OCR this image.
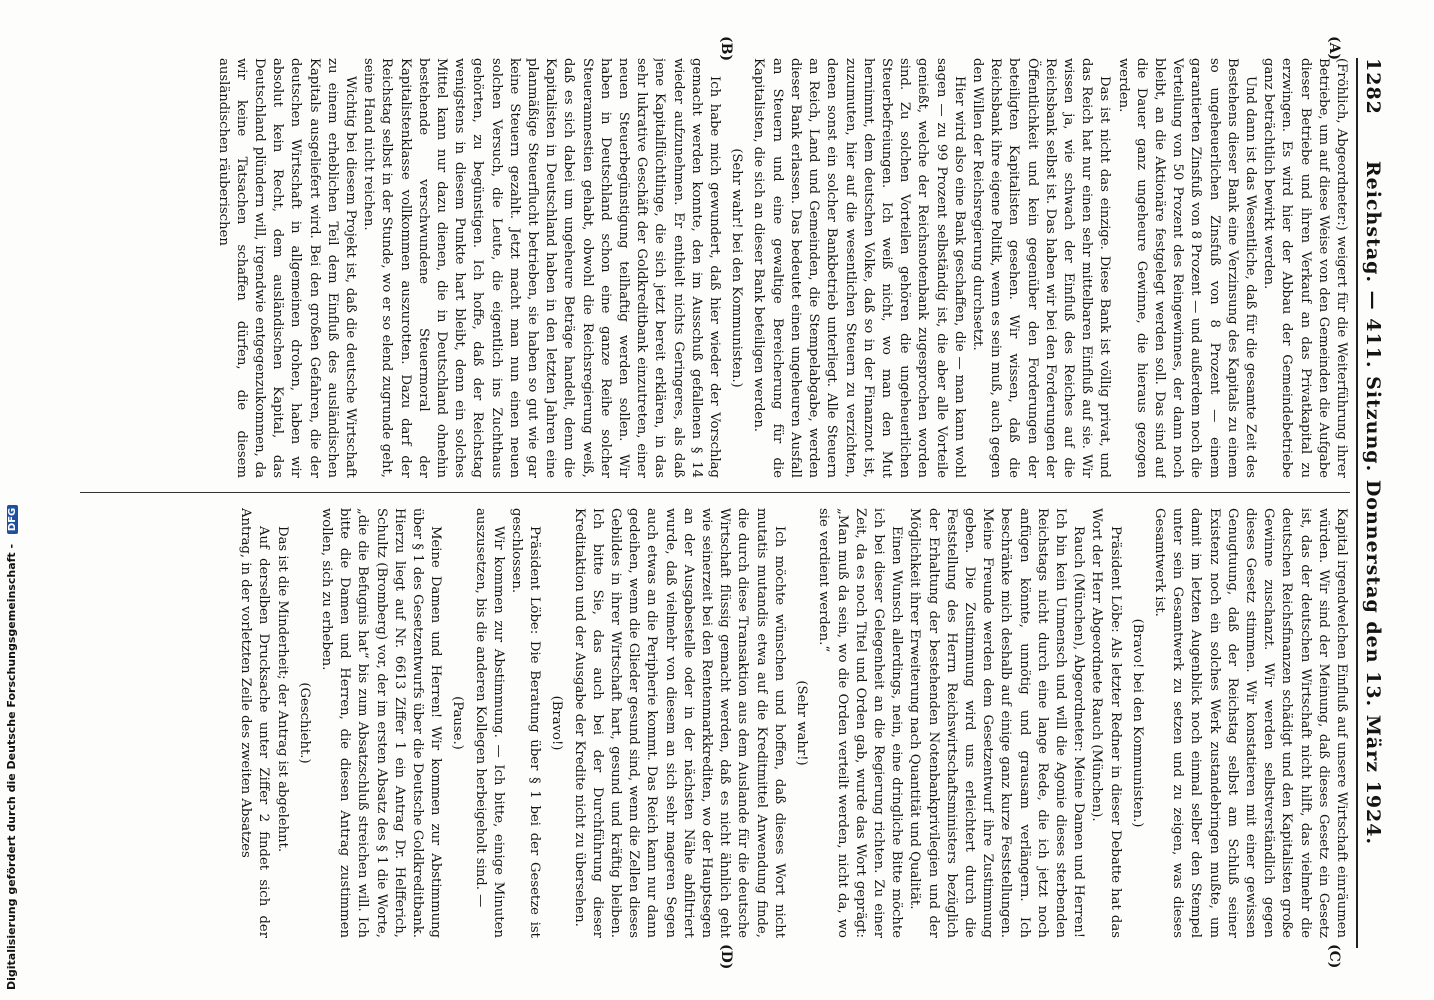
1282
Reichstag. — 411. Sitzung. Donnerstag den 13. März 1924.
(A)
(B)
(C)
(D)

(Fröhlich, Abgeordneter:) weigert für die Weiterführung ihrer Betriebe, um auf diese Weise von den Gemeinden die Aufgabe dieser Betriebe und ihren Verkauf an das Privatkapital zu erzwingen. Es wird hier der Abbau der Gemeindebetriebe ganz beträchtlich bewirkt werden.

Und dann ist das Wesentliche, daß für die gesamte Zeit des Bestehens dieser Bank eine Verzinsung des Kapitals zu einem so ungeheuerlichen Zinsfuß von 8 Prozent — einem garantierten Zinsfuß von 8 Prozent — und außerdem noch die Verteilung von 50 Prozent des Reingewinnes, der dann noch bleibt, an die Aktionäre festgelegt werden soll. Das sind auf die Dauer ganz ungeheure Gewinne, die hieraus gezogen werden.

Das ist nicht das einzige. Diese Bank ist völlig privat, und das Reich hat nur einen sehr mittelbaren Einfluß auf sie. Wir wissen ja, wie schwach der Einfluß des Reiches auf die Reichsbank selbst ist. Das haben wir bei den Forderungen der Öffentlichkeit und kein gegenüber den Forderungen der beteiligten Kapitalisten gesehen. Wir wissen, daß die Reichsbank ihre eigene Politik, wenn es sein muß, auch gegen den Willen der Reichsregierung durchsetzt.

Hier wird also eine Bank geschaffen, die — man kann wohl sagen — zu 99 Prozent selbständig ist, die aber alle Vorteile genießt, welche der Reichsnotenbank zugesprochen worden sind. Zu solchen Vorteilen gehören die ungeheuerlichen Steuerbefreiungen. Ich weiß nicht, wo man den Mut hernimmt, dem deutschen Volke, daß so in der Finanznot ist, zuzumuten, hier auf die wesentlichen Steuern zu verzichten, denen sonst ein solcher Bankbetrieb unterliegt. Alle Steuern an Reich, Land und Gemeinden, die Stempelabgabe, werden dieser Bank erlassen. Das bedeutet einen ungeheuren Ausfall an Steuern und eine gewaltige Bereicherung für die Kapitalisten, die sich an dieser Bank beteiligen werden.

(Sehr wahr! bei den Kommunisten.)

Ich habe mich gewundert, daß hier wieder der Vorschlag gemacht werden konnte, den im Ausschuß gefallenen § 14 wieder aufzunehmen. Er enthielt nichts Geringeres, als daß jene Kapitalflüchtlinge, die sich jetzt bereit erklären, in das sehr lukrative Geschäft der Goldkreditbank einzutreten, einer neuen Steuerbegünstigung teilhaftig werden sollen. Wir haben in Deutschland schon eine ganze Reihe solcher Steueramnestien gehabt, obwohl die Reichsregierung weiß, daß es sich dabei um ungeheure Beträge handelt, denn die Kapitalisten in Deutschland haben in den letzten Jahren eine planmäßige Steuerflucht betrieben, sie haben so gut wie gar keine Steuern gezahlt. Jetzt macht man nun einen neuen solchen Versuch, die Leute, die eigentlich ins Zuchthaus gehörten, zu begünstigen. Ich hoffe, daß der Reichstag wenigstens in diesem Punkte hart bleibt, denn ein solches Mittel kann nur dazu dienen, die in Deutschland ohnehin bestehende verschwundene Steuermoral der Kapitalistenklasse vollkommen auszurotten. Dazu darf der Reichstag selbst in der Stunde, wo er so elend zugrunde geht, seine Hand nicht reichen.

Wichtig bei diesem Projekt ist, daß die deutsche Wirtschaft zu einem erheblichen Teil dem Einfluß des ausländischen Kapitals ausgeliefert wird. Bei den großen Gefahren, die der deutschen Wirtschaft in allgemeinen drohen, haben wir absolut kein Recht, dem ausländischen Kapital, das Deutschland plündern will, irgendwie entgegenzukommen, da wir keine Tatsachen schaffen dürfen, die diesem ausländischen räuberischen

Kapital irgendwelchen Einfluß auf unsere Wirtschaft einräumen würden. Wir sind der Meinung, daß dieses Gesetz ein Gesetz ist, das der deutschen Wirtschaft nicht hilft, das vielmehr die deutschen Reichsfinanzen schädigt und den Kapitalisten große Gewinne zuschanzt. Wir werden selbstverständlich gegen dieses Gesetz stimmen. Wir konstatieren mit einer gewissen Genugtuung, daß der Reichstag selbst am Schluß seiner Existenz noch ein solches Werk zustandebringen mußte, um damit im letzten Augenblick noch einmal selber den Stempel unter sein Gesamtwerk zu setzen und zu zeigen, was dieses Gesamtwerk ist.

(Bravo! bei den Kommunisten.)

Präsident Löbe: Als letzter Redner in dieser Debatte hat das Wort der Herr Abgeordnete Rauch (München).

Rauch (München), Abgeordneter: Meine Damen und Herren! Ich bin kein Unmensch und will die Agonie dieses sterbenden Reichstags nicht durch eine lange Rede, die ich jetzt noch anfügen könnte, unnötig und grausam verlängern. Ich beschränke mich deshalb auf einige ganz kurze Feststellungen. Meine Freunde werden dem Gesetzentwurf ihre Zustimmung geben. Die Zustimmung wird uns erleichtert durch die Feststellung des Herrn Reichswirtschaftsministers bezüglich der Erhaltung der bestehenden Notenbankprivilegien und der Möglichkeit ihrer Erweiterung nach Quantität und Qualität.

Einen Wunsch allerdings, nein, eine dringliche Bitte möchte ich bei dieser Gelegenheit an die Regierung richten. Zu einer Zeit, da es noch Titel und Orden gab, wurde das Wort geprägt: „Man muß da sein, wo die Orden verteilt werden, nicht da, wo sie verdient werden.“

(Sehr wahr!)

Ich möchte wünschen und hoffen, daß dieses Wort nicht mutatis mutandis etwa auf die Kreditmittel Anwendung finde, die durch diese Transaktion aus dem Auslande für die deutsche Wirtschaft flüssig gemacht werden, daß es nicht ähnlich geht wie seinerzeit bei den Rentenmarkkrediten, wo der Hauptsegen an der Ausgabestelle oder in der nächsten Nähe abfiltriert wurde, daß vielmehr von diesem an sich sehr mageren Segen auch etwas an die Peripherie kommt. Das Reich kann nur dann gedeihen, wenn die Glieder gesund sind, wenn die Zellen dieses Gebildes in ihrer Wirtschaft hart, gesund und kräftig bleiben. Ich bitte Sie, das auch bei der Durchführung dieser Kreditaktion und der Ausgabe der Kredite nicht zu übersehen.

(Bravo!)

Präsident Löbe: Die Beratung über § 1 bei der Gesetze ist geschlossen.

Wir kommen zur Abstimmung. — Ich bitte, einige Minuten auszusetzen, bis die anderen Kollegen herbeigeholt sind. —

(Pause.)

Meine Damen und Herren! Wir kommen zur Abstimmung über § 1 des Gesetzentwurfs über die Deutsche Goldkreditbank. Hierzu liegt auf Nr. 6613 Ziffer 1 ein Antrag Dr. Helfferich, Schultz (Bromberg) vor, der im ersten Absatz des § 1 die Worte, „die die Befugnis hat“ bis zum Absatzschluß streichen will. Ich bitte die Damen und Herren, die diesen Antrag zustimmen wollen, sich zu erheben.

(Geschieht.)

Das ist die Minderheit; der Antrag ist abgelehnt.

Auf derselben Drucksache unter Ziffer 2 findet sich der Antrag, in der vorletzten Zeile des zweiten Absatzes

Digitalisierung gefördert durch die Deutsche Forschungsgemeinschaft - DFG
